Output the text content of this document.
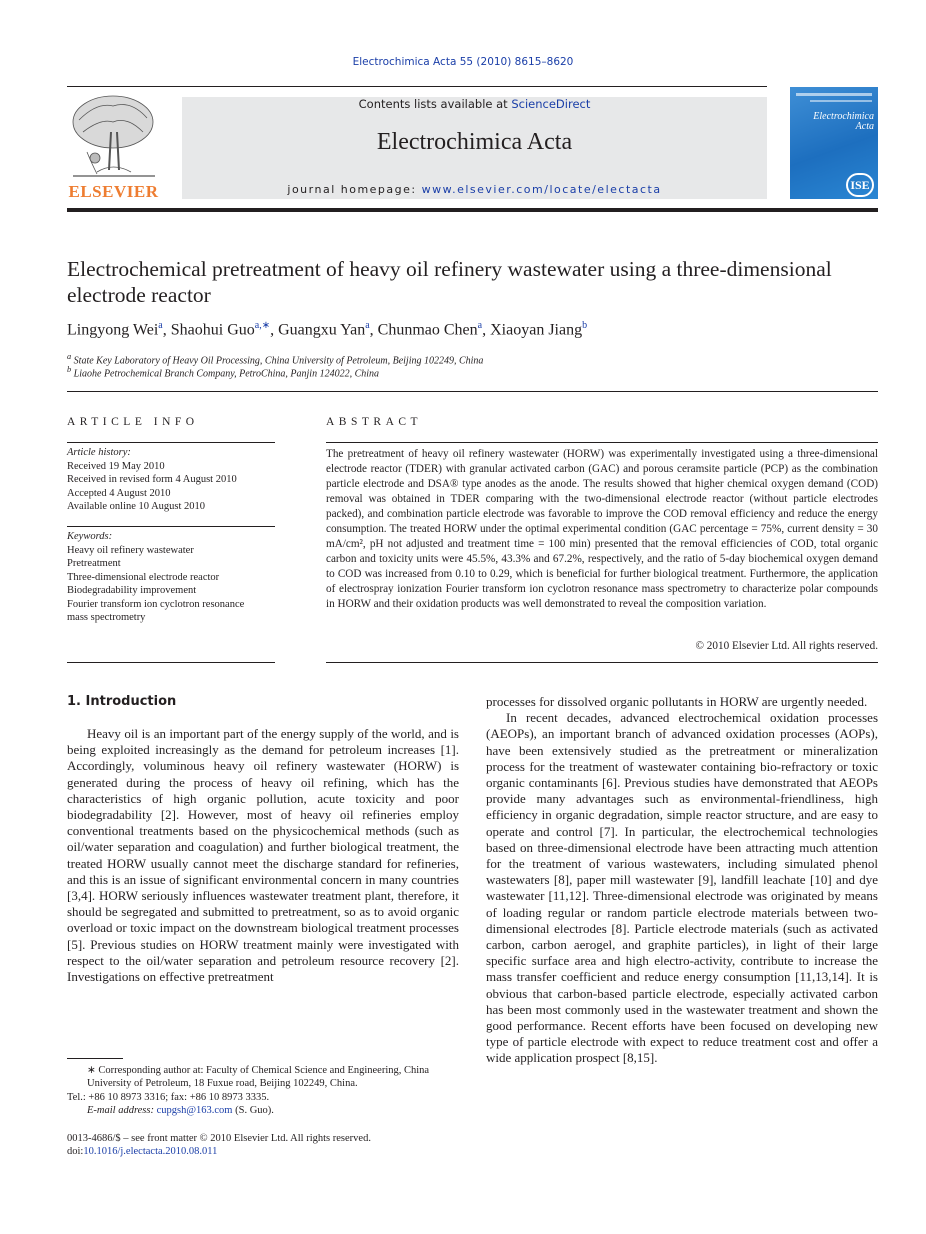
Electrochimica Acta 55 (2010) 8615–8620
ELSEVIER
Contents lists available at ScienceDirect
Electrochimica Acta
journal homepage: www.elsevier.com/locate/electacta
Electrochimica Acta
ISE
Electrochemical pretreatment of heavy oil refinery wastewater using a three-dimensional electrode reactor
Lingyong Wei$^a$, Shaohui Guo$^{a,∗}$, Guangxu Yan$^a$, Chunmao Chen$^a$, Xiaoyan Jiang$^b$
$^a$ State Key Laboratory of Heavy Oil Processing, China University of Petroleum, Beijing 102249, China
$^b$ Liaohe Petrochemical Branch Company, PetroChina, Panjin 124022, China
ARTICLE INFO
Article history:
Received 19 May 2010
Received in revised form 4 August 2010
Accepted 4 August 2010
Available online 10 August 2010
Keywords:
Heavy oil refinery wastewater
Pretreatment
Three-dimensional electrode reactor
Biodegradability improvement
Fourier transform ion cyclotron resonance
mass spectrometry
ABSTRACT
The pretreatment of heavy oil refinery wastewater (HORW) was experimentally investigated using a three-dimensional electrode reactor (TDER) with granular activated carbon (GAC) and porous ceramsite particle (PCP) as the combination particle electrode and DSA® type anodes as the anode. The results showed that higher chemical oxygen demand (COD) removal was obtained in TDER comparing with the two-dimensional electrode reactor (without particle electrodes packed), and combination particle electrode was favorable to improve the COD removal efficiency and reduce the energy consumption. The treated HORW under the optimal experimental condition (GAC percentage = 75%, current density = 30 mA/cm², pH not adjusted and treatment time = 100 min) presented that the removal efficiencies of COD, total organic carbon and toxicity units were 45.5%, 43.3% and 67.2%, respectively, and the ratio of 5-day biochemical oxygen demand to COD was increased from 0.10 to 0.29, which is beneficial for further biological treatment. Furthermore, the application of electrospray ionization Fourier transform ion cyclotron resonance mass spectrometry to characterize polar compounds in HORW and their oxidation products was well demonstrated to reveal the composition variation.
© 2010 Elsevier Ltd. All rights reserved.
1. Introduction

Heavy oil is an important part of the energy supply of the world, and is being exploited increasingly as the demand for petroleum increases [1]. Accordingly, voluminous heavy oil refinery wastewater (HORW) is generated during the process of heavy oil refining, which has the characteristics of high organic pollution, acute toxicity and poor biodegradability [2]. However, most of heavy oil refineries employ conventional treatments based on the physicochemical methods (such as oil/water separation and coagulation) and further biological treatment, the treated HORW usually cannot meet the discharge standard for refineries, and this is an issue of significant environmental concern in many countries [3,4]. HORW seriously influences wastewater treatment plant, therefore, it should be segregated and submitted to pretreatment, so as to avoid organic overload or toxic impact on the downstream biological treatment processes [5]. Previous studies on HORW treatment mainly were investigated with respect to the oil/water separation and petroleum resource recovery [2]. Investigations on effective pretreatment

processes for dissolved organic pollutants in HORW are urgently needed.

In recent decades, advanced electrochemical oxidation processes (AEOPs), an important branch of advanced oxidation processes (AOPs), have been extensively studied as the pretreatment or mineralization process for the treatment of wastewater containing bio-refractory or toxic organic contaminants [6]. Previous studies have demonstrated that AEOPs provide many advantages such as environmental-friendliness, high efficiency in organic degradation, simple reactor structure, and are easy to operate and control [7]. In particular, the electrochemical technologies based on three-dimensional electrode have been attracting much attention for the treatment of various wastewaters, including simulated phenol wastewaters [8], paper mill wastewater [9], landfill leachate [10] and dye wastewater [11,12]. Three-dimensional electrode was originated by means of loading regular or random particle electrode materials between two-dimensional electrodes [8]. Particle electrode materials (such as activated carbon, carbon aerogel, and graphite particles), in light of their large specific surface area and high electro-activity, contribute to increase the mass transfer coefficient and reduce energy consumption [11,13,14]. It is obvious that carbon-based particle electrode, especially activated carbon has been most commonly used in the wastewater treatment and shown the good performance. Recent efforts have been focused on developing new type of particle electrode with expect to reduce treatment cost and offer a wide application prospect [8,15].

∗ Corresponding author at: Faculty of Chemical Science and Engineering, China University of Petroleum, 18 Fuxue road, Beijing 102249, China.
Tel.: +86 10 8973 3316; fax: +86 10 8973 3335.
E-mail address: cupgsh@163.com (S. Guo).
0013-4686/$ – see front matter © 2010 Elsevier Ltd. All rights reserved.
doi:10.1016/j.electacta.2010.08.011
